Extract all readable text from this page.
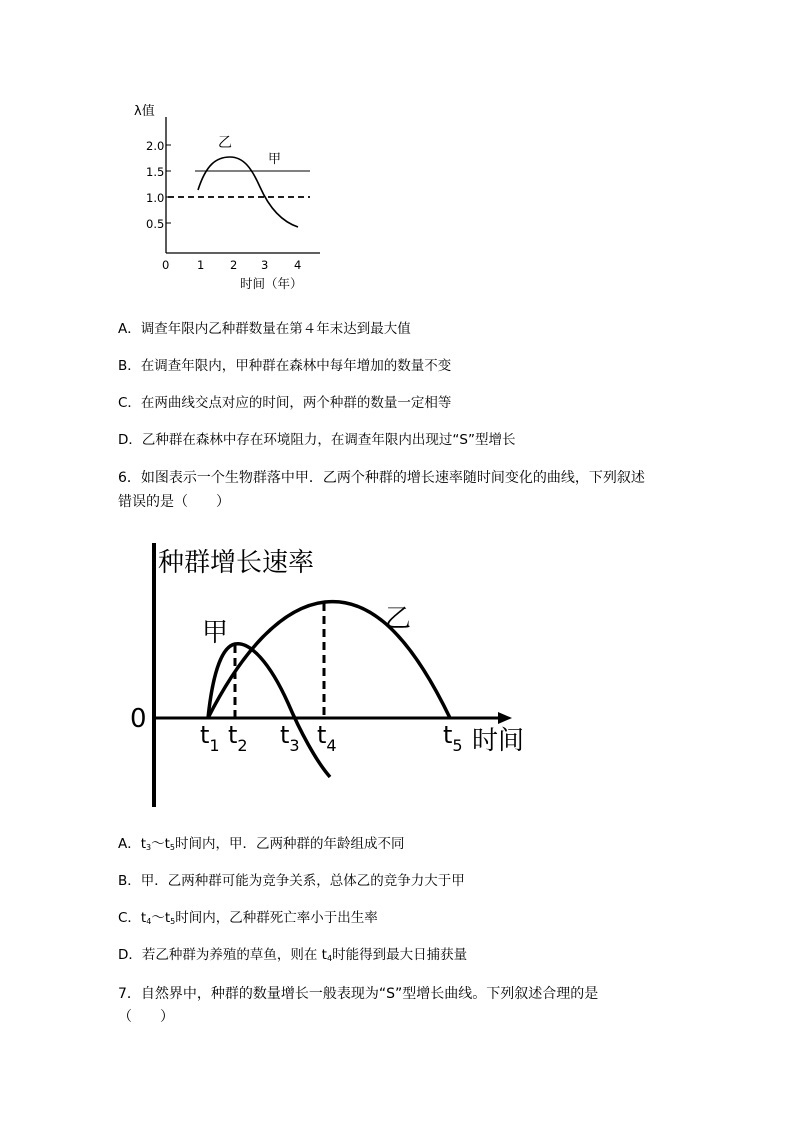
2.0
1.5
1.0
0.5
λ值
0 1 2 3 4
时间（年）
乙
甲
A．调查年限内乙种群数量在第４年末达到最大值
B．在调查年限内，甲种群在森林中每年增加的数量不变
C．在两曲线交点对应的时间，两个种群的数量一定相等
D．乙种群在森林中存在环境阻力，在调查年限内出现过“S”型增长
6．如图表示一个生物群落中甲．乙两个种群的增长速率随时间变化的曲线，下列叙述
错误的是（　　）
种群增长速率
0
甲	乙
$t_1$ $t_2$ $t_3$ $t_4$	$t_5$ 时间
A．$t_3\sim t_5$时间内，甲．乙两种群的年龄组成不同
B．甲．乙两种群可能为竞争关系，总体乙的竞争力大于甲
C．$t_4\sim t_5$时间内，乙种群死亡率小于出生率
D．若乙种群为养殖的草鱼，则在 $t_4$时能得到最大日捕获量
7．自然界中，种群的数量增长一般表现为“S”型增长曲线。下列叙述合理的是
（　　）
